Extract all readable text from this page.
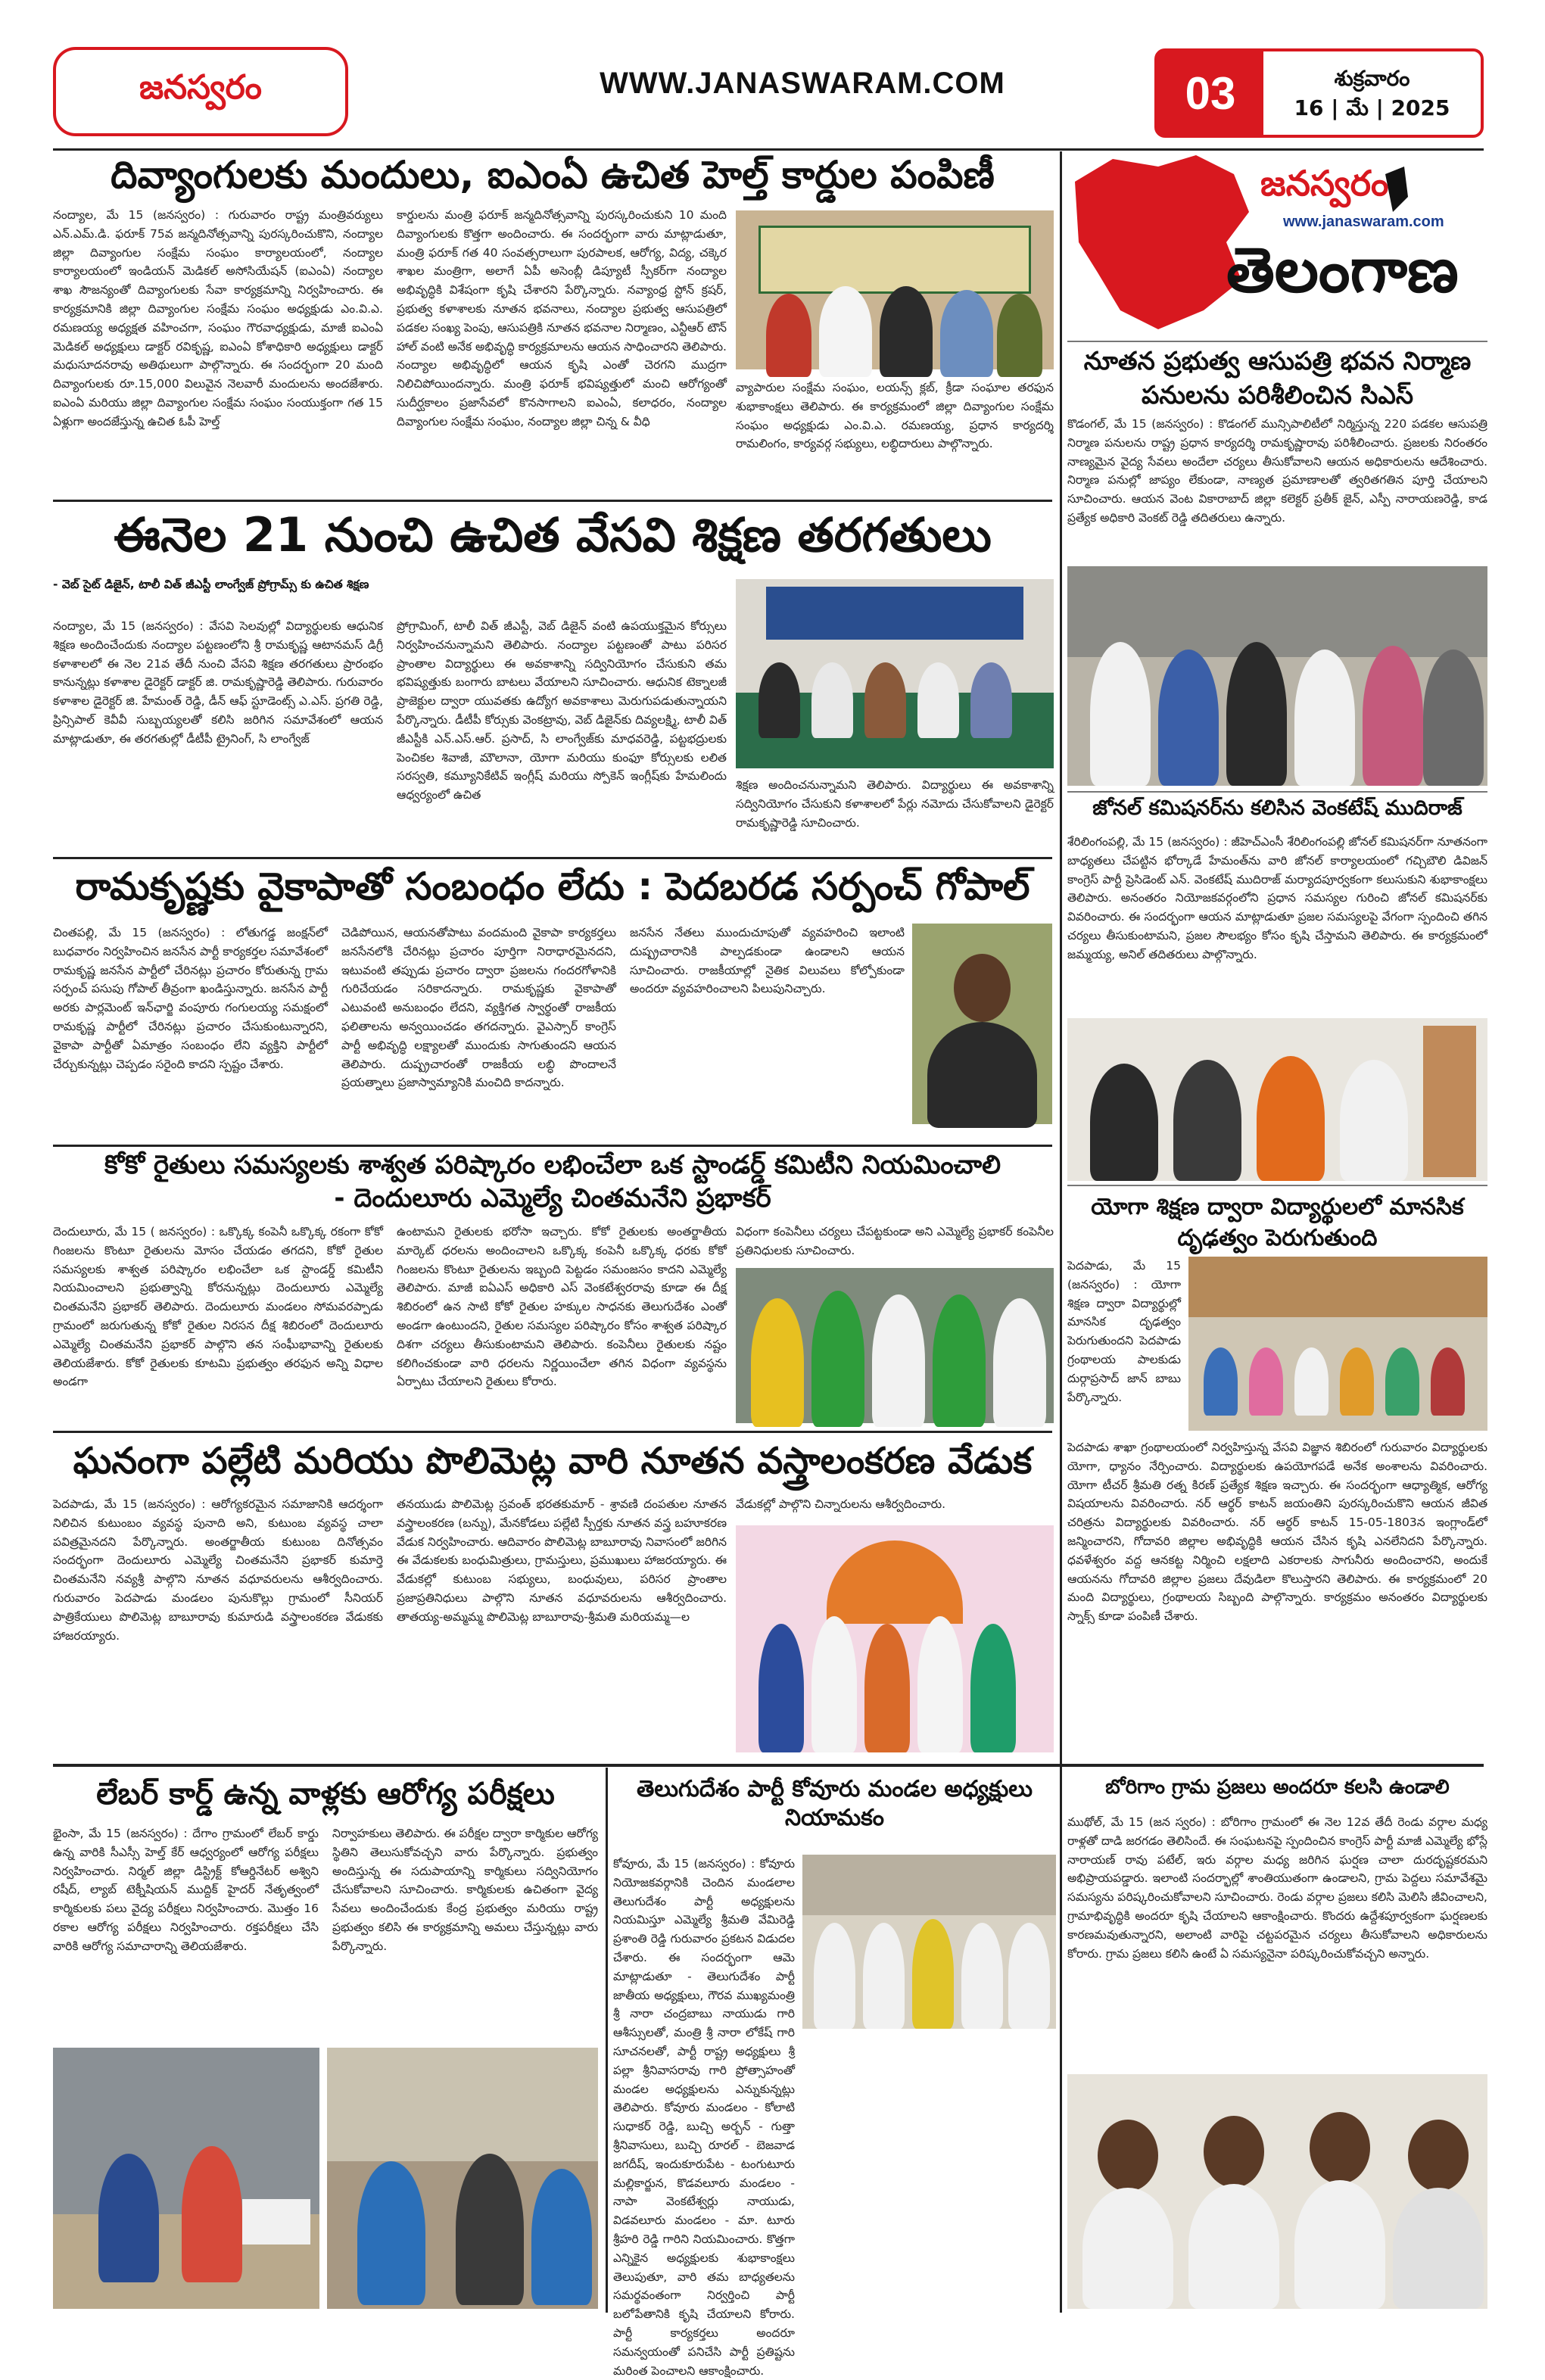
జనస్వరం	WWW.JANASWARAM.COM	03	శుక్రవారం
16 | మే | 2025
దివ్యాంగులకు మందులు, ఐఎంఏ ఉచిత హెల్త్ కార్డుల పంపిణీ
నంద్యాల, మే 15 (జనస్వరం) : గురువారం రాష్ట్ర మంత్రివర్యులు ఎన్.ఎమ్.డి. ఫరూక్ 75వ జన్మదినోత్సవాన్ని పురస్కరించుకొని, నంద్యాల జిల్లా దివ్యాంగుల సంక్షేమ సంఘం కార్యాలయంలో, నంద్యాల కార్యాలయంలో ఇండియన్ మెడికల్ అసోసియేషన్ (ఐఎంఏ) నంద్యాల శాఖ సౌజన్యంతో దివ్యాంగులకు సేవా కార్యక్రమాన్ని నిర్వహించారు. ఈ కార్యక్రమానికి జిల్లా దివ్యాంగుల సంక్షేమ సంఘం అధ్యక్షుడు ఎం.వి.ఎ. రమణయ్య అధ్యక్షత వహించగా, సంఘం గౌరవాధ్యక్షుడు, మాజీ ఐఎంఏ మెడికల్ అధ్యక్షులు డాక్టర్ రవికృష్ణ, ఐఎంఏ కోశాధికారి అధ్యక్షులు డాక్టర్ మధుసూదనరావు అతిథులుగా పాల్గొన్నారు. ఈ సందర్భంగా 20 మంది దివ్యాంగులకు రూ.15,000 విలువైన నెలవారీ మందులను అందజేశారు. ఐఎంఏ మరియు జిల్లా దివ్యాంగుల సంక్షేమ సంఘం సంయుక్తంగా గత 15 ఏళ్లుగా అందజేస్తున్న ఉచిత ఓపీ హెల్త్
కార్డులను మంత్రి ఫరూక్ జన్మదినోత్సవాన్ని పురస్కరించుకుని 10 మంది దివ్యాంగులకు కొత్తగా అందించారు. ఈ సందర్భంగా వారు మాట్లాడుతూ, మంత్రి ఫరూక్ గత 40 సంవత్సరాలుగా పురపాలక, ఆరోగ్య, విద్య, చక్కెర శాఖల మంత్రిగా, అలాగే ఏపీ అసెంబ్లీ డిప్యూటీ స్పీకర్‌గా నంద్యాల అభివృద్ధికి విశేషంగా కృషి చేశారని పేర్కొన్నారు. నవ్యాంధ్ర స్టోన్ క్రషర్, ప్రభుత్వ కళాశాలకు నూతన భవనాలు, నంద్యాల ప్రభుత్వ ఆసుపత్రిలో పడకల సంఖ్య పెంపు, ఆసుపత్రికి నూతన భవనాల నిర్మాణం, ఎన్టీఆర్ టౌన్ హాల్ వంటి అనేక అభివృద్ధి కార్యక్రమాలను ఆయన సాధించారని తెలిపారు. నంద్యాల అభివృద్ధిలో ఆయన కృషి ఎంతో చెరగని ముద్రగా నిలిచిపోయిందన్నారు. మంత్రి ఫరూక్ భవిష్యత్తులో మంచి ఆరోగ్యంతో సుదీర్ఘకాలం ప్రజాసేవలో కొనసాగాలని ఐఎంఏ, కలాధరం, నంద్యాల దివ్యాంగుల సంక్షేమ సంఘం, నంద్యాల జిల్లా చిన్న & వీధి
వ్యాపారుల సంక్షేమ సంఘం, లయన్స్ క్లబ్, క్రీడా సంఘాల తరఫున శుభాకాంక్షలు తెలిపారు. ఈ కార్యక్రమంలో జిల్లా దివ్యాంగుల సంక్షేమ సంఘం అధ్యక్షుడు ఎం.వి.ఎ. రమణయ్య, ప్రధాన కార్యదర్శి రామలింగం, కార్యవర్గ సభ్యులు, లబ్ధిదారులు పాల్గొన్నారు.
ఈనెల 21 నుంచి ఉచిత వేసవి శిక్షణ తరగతులు
- వెబ్ సైట్ డిజైన్, టాలీ విత్ జీఎస్టీ లాంగ్వేజ్ ప్రోగ్రామ్స్ కు ఉచిత శిక్షణ
నంద్యాల, మే 15 (జనస్వరం) : వేసవి సెలవుల్లో విద్యార్థులకు ఆధునిక శిక్షణ అందించేందుకు నంద్యాల పట్టణంలోని శ్రీ రామకృష్ణ ఆటానమస్ డిగ్రీ కళాశాలలో ఈ నెల 21వ తేదీ నుంచి వేసవి శిక్షణ తరగతులు ప్రారంభం కానున్నట్లు కళాశాల డైరెక్టర్ డాక్టర్ జి. రామకృష్ణారెడ్డి తెలిపారు. గురువారం కళాశాల డైరెక్టర్ జి. హేమంత్ రెడ్డి, డీన్ ఆఫ్ స్టూడెంట్స్ ఎ.ఎస్. ప్రగతి రెడ్డి, ప్రిన్సిపాల్ కెవీవీ సుబ్బయ్యలతో కలిసి జరిగిన సమావేశంలో ఆయన మాట్లాడుతూ, ఈ తరగతుల్లో డీటీపీ ట్రైనింగ్, సి లాంగ్వేజ్
ప్రోగ్రామింగ్, టాలీ విత్ జీఎస్టీ, వెబ్ డిజైన్ వంటి ఉపయుక్తమైన కోర్సులు నిర్వహించనున్నామని తెలిపారు. నంద్యాల పట్టణంతో పాటు పరిసర ప్రాంతాల విద్యార్థులు ఈ అవకాశాన్ని సద్వినియోగం చేసుకుని తమ భవిష్యత్తుకు బంగారు బాటలు వేయాలని సూచించారు. ఆధునిక టెక్నాలజీ ప్రాజెక్టుల ద్వారా యువతకు ఉద్యోగ అవకాశాలు మెరుగుపడుతున్నాయని పేర్కొన్నారు. డీటీపీ కోర్సుకు వెంకట్రావు, వెబ్ డిజైన్‌కు దివ్యలక్ష్మి, టాలీ విత్ జీఎస్టీకి ఎన్.ఎస్.ఆర్. ప్రసాద్, సి లాంగ్వేజ్‌కు మాధవరెడ్డి, పట్టభద్రులకు పెంచికల శివాజీ, మౌలానా, యోగా మరియు కుంఫూ కోర్సులకు లలిత సరస్వతి, కమ్యూనికేటివ్ ఇంగ్లీష్ మరియు స్పోకెన్ ఇంగ్లీష్‌కు హేమలిందు ఆధ్వర్యంలో ఉచిత
శిక్షణ అందించనున్నామని తెలిపారు. విద్యార్థులు ఈ అవకాశాన్ని సద్వినియోగం చేసుకుని కళాశాలలో పేర్లు నమోదు చేసుకోవాలని డైరెక్టర్ రామకృష్ణారెడ్డి సూచించారు.
రామకృష్ణకు వైకాపాతో సంబంధం లేదు : పెదబరడ సర్పంచ్ గోపాల్
చింతపల్లి, మే 15 (జనస్వరం) : లోతుగడ్డ జంక్షన్‌లో బుధవారం నిర్వహించిన జనసేన పార్టీ కార్యకర్తల సమావేశంలో రామకృష్ణ జనసేన పార్టీలో చేరినట్లు ప్రచారం కోరుతున్న గ్రామ సర్పంచ్ పసుపు గోపాల్ తీవ్రంగా ఖండిస్తున్నారు. జనసేన పార్టీ అరకు పార్లమెంట్ ఇన్‌ఛార్జి వంపూరు గంగులయ్య సమక్షంలో రామకృష్ణ పార్టీలో చేరినట్లు ప్రచారం చేసుకుంటున్నారని, వైకాపా పార్టీతో ఏమాత్రం సంబంధం లేని వ్యక్తిని పార్టీలో చేర్చుకున్నట్లు చెప్పడం సరైంది కాదని స్పష్టం చేశారు.
చెడిపోయిన, ఆయనతోపాటు వందమంది వైకాపా కార్యకర్తలు జనసేనలోకి చేరినట్లు ప్రచారం పూర్తిగా నిరాధారమైనదని, ఇటువంటి తప్పుడు ప్రచారం ద్వారా ప్రజలను గందరగోళానికి గురిచేయడం సరికాదన్నారు. రామకృష్ణకు వైకాపాతో ఎటువంటి అనుబంధం లేదని, వ్యక్తిగత స్వార్థంతో రాజకీయ ఫలితాలను అన్వయించడం తగదన్నారు. వైఎస్సార్ కాంగ్రెస్ పార్టీ అభివృద్ధి లక్ష్యాలతో ముందుకు సాగుతుందని ఆయన తెలిపారు. దుష్ప్రచారంతో రాజకీయ లబ్ధి పొందాలనే ప్రయత్నాలు ప్రజాస్వామ్యానికి మంచిది కాదన్నారు.
జనసేన నేతలు ముందుచూపుతో వ్యవహరించి ఇలాంటి దుష్ప్రచారానికి పాల్పడకుండా ఉండాలని ఆయన సూచించారు. రాజకీయాల్లో నైతిక విలువలు కోల్పోకుండా అందరూ వ్యవహరించాలని పిలుపునిచ్చారు.
కోకో రైతులు సమస్యలకు శాశ్వత పరిష్కారం లభించేలా ఒక స్టాండర్డ్ కమిటీని నియమించాలి
- దెందులూరు ఎమ్మెల్యే చింతమనేని ప్రభాకర్
దెందులూరు, మే 15 ( జనస్వరం) : ఒక్కొక్క కంపెనీ ఒక్కొక్క రకంగా కోకో గింజలను కొంటూ రైతులను మోసం చేయడం తగదని, కోకో రైతుల సమస్యలకు శాశ్వత పరిష్కారం లభించేలా ఒక స్టాండర్డ్ కమిటీని నియమించాలని ప్రభుత్వాన్ని కోరనున్నట్లు దెందులూరు ఎమ్మెల్యే చింతమనేని ప్రభాకర్ తెలిపారు. దెందులూరు మండలం సోమవరప్పాడు గ్రామంలో జరుగుతున్న కోకో రైతుల నిరసన దీక్ష శిబిరంలో దెందులూరు ఎమ్మెల్యే చింతమనేని ప్రభాకర్ పాల్గొని తన సంఘీభావాన్ని రైతులకు తెలియజేశారు. కోకో రైతులకు కూటమి ప్రభుత్వం తరఫున అన్ని విధాల అండగా
ఉంటామని రైతులకు భరోసా ఇచ్చారు. కోకో రైతులకు అంతర్జాతీయ మార్కెట్ ధరలను అందించాలని ఒక్కొక్క కంపెనీ ఒక్కొక్క ధరకు కోకో గింజలను కొంటూ రైతులను ఇబ్బంది పెట్టడం సమంజసం కాదని ఎమ్మెల్యే తెలిపారు. మాజీ ఐఏఎస్ అధికారి ఎస్ వెంకటేశ్వరరావు కూడా ఈ దీక్ష శిబిరంలో ఉన సాటి కోకో రైతుల హక్కుల సాధనకు తెలుగుదేశం ఎంతో అండగా ఉంటుందని, రైతుల సమస్యల పరిష్కారం కోసం శాశ్వత పరిష్కార దిశగా చర్యలు తీసుకుంటామని తెలిపారు. కంపెనీలు రైతులకు నష్టం కలిగించకుండా వారి ధరలను నిర్ణయించేలా తగిన విధంగా వ్యవస్థను ఏర్పాటు చేయాలని రైతులు కోరారు.
విధంగా కంపెనీలు చర్యలు చేపట్టకుండా అని ఎమ్మెల్యే ప్రభాకర్ కంపెనీల ప్రతినిధులకు సూచించారు.
ఘనంగా పల్లేటి మరియు పొలిమెట్ల వారి నూతన వస్త్రాలంకరణ వేడుక
పెదపాడు, మే 15 (జనస్వరం) : ఆరోగ్యకరమైన సమాజానికి ఆదర్శంగా నిలిచిన కుటుంబం వ్యవస్థ పునాది అని, కుటుంబ వ్యవస్థ చాలా పవిత్రమైనదని పేర్కొన్నారు. అంతర్జాతీయ కుటుంబ దినోత్సవం సందర్భంగా దెందులూరు ఎమ్మెల్యే చింతమనేని ప్రభాకర్ కుమార్తె చింతమనేని నవ్యశ్రీ పాల్గొని నూతన వధూవరులను ఆశీర్వదించారు. గురువారం పెదపాడు మండలం పునుకొల్లు గ్రామంలో సీనియర్ పాత్రికేయులు పొలిమెట్ల బాబూరావు కుమారుడి వస్త్రాలంకరణ వేడుకకు హాజరయ్యారు.
తనయుడు పొలిమెట్ల స్రవంత్ భరతకుమార్ - శ్రావణి దంపతుల నూతన వస్త్రాలంకరణ (బన్ను), మేనకోడలు పల్లేటి స్పీర్తకు నూతన వస్త్ర బహూకరణ వేడుక నిర్వహించారు. ఆదివారం పొలిమెట్ల బాబూరావు నివాసంలో జరిగిన ఈ వేడుకలకు బంధుమిత్రులు, గ్రామస్తులు, ప్రముఖులు హాజరయ్యారు. ఈ వేడుకల్లో కుటుంబ సభ్యులు, బంధువులు, పరిసర ప్రాంతాల ప్రజాప్రతినిధులు పాల్గొని నూతన వధూవరులను ఆశీర్వదించారు. తాతయ్య-అమ్మమ్మ పొలిమెట్ల బాబూరావు-శ్రీమతి మరియమ్మ—ల
వేడుకల్లో పాల్గొని చిన్నారులను ఆశీర్వదించారు.
జనస్వరం
www.janaswaram.com
తెలంగాణ
నూతన ప్రభుత్వ ఆసుపత్రి భవన నిర్మాణ పనులను పరిశీలించిన సిఎస్
కొడంగల్, మే 15 (జనస్వరం) : కొడంగల్ మున్సిపాలిటీలో నిర్మిస్తున్న 220 పడకల ఆసుపత్రి నిర్మాణ పనులను రాష్ట్ర ప్రధాన కార్యదర్శి రామకృష్ణారావు పరిశీలించారు. ప్రజలకు నిరంతరం నాణ్యమైన వైద్య సేవలు అందేలా చర్యలు తీసుకోవాలని ఆయన అధికారులను ఆదేశించారు. నిర్మాణ పనుల్లో జాప్యం లేకుండా, నాణ్యత ప్రమాణాలతో త్వరితగతిన పూర్తి చేయాలని సూచించారు. ఆయన వెంట వికారాబాద్ జిల్లా కలెక్టర్ ప్రతీక్ జైన్, ఎస్పీ నారాయణరెడ్డి, కాడ ప్రత్యేక అధికారి వెంకట్ రెడ్డి తదితరులు ఉన్నారు.
జోనల్ కమిషనర్‌ను కలిసిన వెంకటేష్ ముదిరాజ్
శేరిలింగంపల్లి, మే 15 (జనస్వరం) : జీహెచ్ఎంసీ శేరిలింగంపల్లి జోనల్ కమిషనర్‌గా నూతనంగా బాధ్యతలు చేపట్టిన భోర్కాడే హేమంత్‌ను వారి జోనల్ కార్యాలయంలో గచ్చిబౌలి డివిజన్ కాంగ్రెస్ పార్టీ ప్రెసిడెంట్ ఎన్. వెంకటేష్ ముదిరాజ్ మర్యాదపూర్వకంగా కలుసుకుని శుభాకాంక్షలు తెలిపారు. అనంతరం నియోజకవర్గంలోని ప్రధాన సమస్యల గురించి జోనల్ కమిషనర్‌కు వివరించారు. ఈ సందర్భంగా ఆయన మాట్లాడుతూ ప్రజల సమస్యలపై వేగంగా స్పందించి తగిన చర్యలు తీసుకుంటామని, ప్రజల సౌలభ్యం కోసం కృషి చేస్తామని తెలిపారు. ఈ కార్యక్రమంలో జమ్మయ్య, అనిల్ తదితరులు పాల్గొన్నారు.
యోగా శిక్షణ ద్వారా విద్యార్థులలో మానసిక దృఢత్వం పెరుగుతుంది
పెదపాడు, మే 15 (జనస్వరం) : యోగా శిక్షణ ద్వారా విద్యార్థుల్లో మానసిక దృఢత్వం పెరుగుతుందని పెదపాడు గ్రంథాలయ పాలకుడు దుర్గాప్రసాద్ జాన్ బాబు పేర్కొన్నారు.
పెదపాడు శాఖా గ్రంథాలయంలో నిర్వహిస్తున్న వేసవి విజ్ఞాన శిబిరంలో గురువారం విద్యార్థులకు యోగా, ధ్యానం నేర్పించారు. విద్యార్థులకు ఉపయోగపడే అనేక అంశాలను వివరించారు. యోగా టీచర్ శ్రీమతి రత్న కిరణ్ ప్రత్యేక శిక్షణ ఇచ్చారు. ఈ సందర్భంగా ఆధ్యాత్మిక, ఆరోగ్య విషయాలను వివరించారు. నర్ ఆర్థర్ కాటన్ జయంతిని పురస్కరించుకొని ఆయన జీవిత చరిత్రను విద్యార్థులకు వివరించారు. నర్ ఆర్థర్ కాటన్ 15-05-1803న ఇంగ్లాండ్‌లో జన్మించారని, గోదావరి జిల్లాల అభివృద్ధికి ఆయన చేసిన కృషి ఎనలేనిదని పేర్కొన్నారు. ధవళేశ్వరం వద్ద ఆనకట్ట నిర్మించి లక్షలాది ఎకరాలకు సాగునీరు అందించారని, అందుకే ఆయనను గోదావరి జిల్లాల ప్రజలు దేవుడిలా కొలుస్తారని తెలిపారు. ఈ కార్యక్రమంలో 20 మంది విద్యార్థులు, గ్రంథాలయ సిబ్బంది పాల్గొన్నారు. కార్యక్రమం అనంతరం విద్యార్థులకు స్నాక్స్ కూడా పంపిణీ చేశారు.
లేబర్ కార్డ్ ఉన్న వాళ్లకు ఆరోగ్య పరీక్షలు
భైంసా, మే 15 (జనస్వరం) : దేగాం గ్రామంలో లేబర్ కార్డు ఉన్న వారికి సీఎస్సీ హెల్త్ కేర్ ఆధ్వర్యంలో ఆరోగ్య పరీక్షలు నిర్వహించారు. నిర్మల్ జిల్లా డిస్ట్రిక్ట్ కోఆర్డినేటర్ అశ్విని రషీద్, ల్యాబ్ టెక్నీషియన్ ముద్దిక్ హైదర్ నేతృత్వంలో కార్మికులకు పలు వైద్య పరీక్షలు నిర్వహించారు. మొత్తం 16 రకాల ఆరోగ్య పరీక్షలు నిర్వహించారు. రక్తపరీక్షలు చేసి వారికి ఆరోగ్య సమాచారాన్ని తెలియజేశారు.
నిర్వాహకులు తెలిపారు. ఈ పరీక్షల ద్వారా కార్మికుల ఆరోగ్య స్థితిని తెలుసుకోవచ్చని వారు పేర్కొన్నారు. ప్రభుత్వం అందిస్తున్న ఈ సదుపాయాన్ని కార్మికులు సద్వినియోగం చేసుకోవాలని సూచించారు. కార్మికులకు ఉచితంగా వైద్య సేవలు అందించేందుకు కేంద్ర ప్రభుత్వం మరియు రాష్ట్ర ప్రభుత్వం కలిసి ఈ కార్యక్రమాన్ని అమలు చేస్తున్నట్లు వారు పేర్కొన్నారు.
తెలుగుదేశం పార్టీ కోవూరు మండల అధ్యక్షులు నియామకం
కోవూరు, మే 15 (జనస్వరం) : కోవూరు నియోజకవర్గానికి చెందిన మండలాల తెలుగుదేశం పార్టీ అధ్యక్షులను నియమిస్తూ ఎమ్మెల్యే శ్రీమతి వేమిరెడ్డి ప్రశాంతి రెడ్డి గురువారం ప్రకటన విడుదల చేశారు. ఈ సందర్భంగా ఆమె మాట్లాడుతూ - తెలుగుదేశం పార్టీ జాతీయ అధ్యక్షులు, గౌరవ ముఖ్యమంత్రి శ్రీ నారా చంద్రబాబు నాయుడు గారి ఆశీస్సులతో, మంత్రి శ్రీ నారా లోకేష్ గారి సూచనలతో, పార్టీ రాష్ట్ర అధ్యక్షులు శ్రీ పల్లా శ్రీనివాసరావు గారి ప్రోత్సాహంతో మండల అధ్యక్షులను ఎన్నుకున్నట్లు తెలిపారు. కోవూరు మండలం - కోలాటి సుధాకర్ రెడ్డి, బుచ్చి అర్బన్ - గుత్తా శ్రీనివాసులు, బుచ్చి రూరల్ - బెజవాడ జగదీష్, ఇందుకూరుపేట - టంగుటూరు మల్లికార్జున, కొడవలూరు మండలం - నాపా వెంకటేశ్వర్లు నాయుడు, విడవలూరు మండలం - మా. టూరు శ్రీహరి రెడ్డి గారిని నియమించారు. కొత్తగా ఎన్నికైన అధ్యక్షులకు శుభాకాంక్షలు తెలుపుతూ, వారి తమ బాధ్యతలను సమర్థవంతంగా నిర్వర్తించి పార్టీ బలోపేతానికి కృషి చేయాలని కోరారు. పార్టీ కార్యకర్తలు అందరూ సమన్వయంతో పనిచేసి పార్టీ ప్రతిష్టను మరింత పెంచాలని ఆకాంక్షించారు.
బోరిగాం గ్రామ ప్రజలు అందరూ కలసి ఉండాలి
ముథోల్, మే 15 (జన స్వరం) : బోరిగాం గ్రామంలో ఈ నెల 12వ తేదీ రెండు వర్గాల మధ్య రాళ్లతో దాడి జరగడం తెలిసిందే. ఈ సంఘటనపై స్పందించిన కాంగ్రెస్ పార్టీ మాజీ ఎమ్మెల్యే భోస్లే నారాయణ్ రావు పటేల్, ఇరు వర్గాల మధ్య జరిగిన ఘర్షణ చాలా దురదృష్టకరమని అభిప్రాయపడ్డారు. ఇలాంటి సందర్భాల్లో శాంతియుతంగా ఉండాలని, గ్రామ పెద్దలు సమావేశమై సమస్యను పరిష్కరించుకోవాలని సూచించారు. రెండు వర్గాల ప్రజలు కలిసి మెలిసి జీవించాలని, గ్రామాభివృద్ధికి అందరూ కృషి చేయాలని ఆకాంక్షించారు. కొందరు ఉద్దేశపూర్వకంగా ఘర్షణలకు కారణమవుతున్నారని, అలాంటి వారిపై చట్టపరమైన చర్యలు తీసుకోవాలని అధికారులను కోరారు. గ్రామ ప్రజలు కలిసి ఉంటే ఏ సమస్యనైనా పరిష్కరించుకోవచ్చని అన్నారు.
